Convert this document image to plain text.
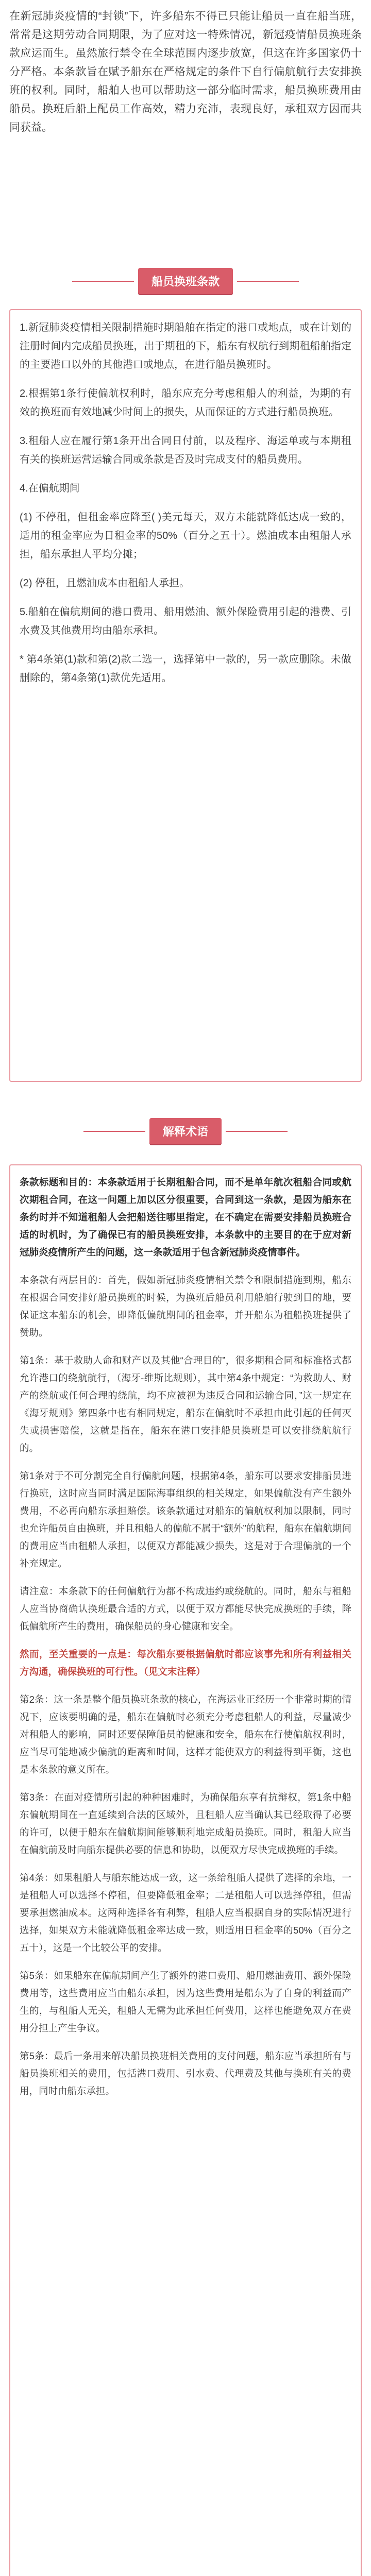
在新冠肺炎疫情的“封锁”下，许多船东不得已只能让船员一直在船当班，常常是这期劳动合同期限，为了应对这一特殊情况，新冠疫情船员换班条款应运而生。虽然旅行禁令在全球范围内逐步放宽，但这在许多国家仍十分严格。本条款旨在赋予船东在严格规定的条件下自行偏航航行去安排换班的权利。同时，船舶人也可以帮助这一部分临时需求，船员换班费用由船员。换班后船上配员工作高效，精力充沛，表现良好，承租双方因而共同获益。

船员换班条款

1.新冠肺炎疫情相关限制措施时期船舶在指定的港口或地点，或在计划的注册时间内完成船员换班，出于期租的下，船东有权航行到期租船舶指定的主要港口以外的其他港口或地点，在进行船员换班时。

2.根据第1条行使偏航权利时，船东应充分考虑租船人的利益，为期的有效的换班而有效地减少时间上的损失，从而保证的方式进行船员换班。

3.租船人应在履行第1条开出合同日付前，以及程序、海运单或与本期租有关的换班运营运输合同或条款是否及时完成支付的船员费用。

4.在偏航期间

(1) 不停租，但租金率应降至( )美元每天，双方未能就降低达成一致的，适用的租金率应为日租金率的50%（百分之五十）。燃油成本由租船人承担，船东承担人平均分摊；

(2) 停租，且燃油成本由租船人承担。

5.船舶在偏航期间的港口费用、船用燃油、额外保险费用引起的港费、引水费及其他费用均由船东承担。

* 第4条第(1)款和第(2)款二选一，选择第中一款的，另一款应删除。未做删除的，第4条第(1)款优先适用。

解释术语

条款标题和目的：本条款适用于长期租船合同，而不是单年航次租船合同或航次期租合同，在这一问题上加以区分很重要，合同到这一条款，是因为船东在条约时并不知道租船人会把船送往哪里指定，在不确定在需要安排船员换班合适的时机时，为了确保已有的船员换班安排，本条款中的主要目的在于应对新冠肺炎疫情所产生的问题，这一条款适用于包含新冠肺炎疫情事件。

本条款有两层目的：首先，假如新冠肺炎疫情相关禁令和限制措施到期，船东在根据合同安排好船员换班的时候，为换班后船员利用船舶行驶到目的地，要保证这本船东的机会，即降低偏航期间的租金率，并开船东为租船换班提供了赞助。

第1条：基于救助人命和财产以及其他“合理目的”，很多期租合同和标准格式都允许港口的绕航航行，（海牙-维斯比规则），其中第4条中规定：“为救助人、财产的绕航或任何合理的绕航，均不应被视为违反合同和运输合同，”这一规定在《海牙规则》第四条中也有相同规定，船东在偏航时不承担由此引起的任何灭失或损害赔偿，这就是指在，船东在港口安排船员换班是可以安排绕航航行的。

第1条对于不可分割完全自行偏航问题，根据第4条，船东可以要求安排船员进行换班，这时应当同时满足国际海事组织的相关规定，如果偏航没有产生额外费用，不必再向船东承担赔偿。该条款通过对船东的偏航权利加以限制，同时也允许船员自由换班，并且租船人的偏航不属于“额外”的航程，船东在偏航期间的费用应当由租船人承担，以便双方都能减少损失，这是对于合理偏航的一个补充规定。

请注意：本条款下的任何偏航行为都不构成违约或绕航的。同时，船东与租船人应当协商确认换班最合适的方式，以便于双方都能尽快完成换班的手续，降低偏航所产生的费用，确保船员的身心健康和安全。

然而，至关重要的一点是：每次船东要根据偏航时都应该事先和所有利益相关方沟通，确保换班的可行性。（见文末注释）

第2条：这一条是整个船员换班条款的核心，在海运业正经历一个非常时期的情况下，应该要明确的是，船东在偏航时必须充分考虑租船人的利益，尽量减少对租船人的影响，同时还要保障船员的健康和安全，船东在行使偏航权利时，应当尽可能地减少偏航的距离和时间，这样才能使双方的利益得到平衡，这也是本条款的意义所在。

第3条：在面对疫情所引起的种种困难时，为确保船东享有抗辩权，第1条中船东偏航期间在一直延续到合法的区域外，且租船人应当确认其已经取得了必要的许可，以便于船东在偏航期间能够顺利地完成船员换班。同时，租船人应当在偏航前及时向船东提供必要的信息和协助，以便双方尽快完成换班的手续。

第4条：如果租船人与船东能达成一致，这一条给租船人提供了选择的余地，一是租船人可以选择不停租，但要降低租金率；二是租船人可以选择停租，但需要承担燃油成本。这两种选择各有利弊，租船人应当根据自身的实际情况进行选择，如果双方未能就降低租金率达成一致，则适用日租金率的50%（百分之五十），这是一个比较公平的安排。

第5条：如果船东在偏航期间产生了额外的港口费用、船用燃油费用、额外保险费用等，这些费用应当由船东承担，因为这些费用是船东为了自身的利益而产生的，与租船人无关，租船人无需为此承担任何费用，这样也能避免双方在费用分担上产生争议。

第5条：最后一条用来解决船员换班相关费用的支付问题，船东应当承担所有与船员换班相关的费用，包括港口费用、引水费、代理费及其他与换班有关的费用，同时由船东承担。
